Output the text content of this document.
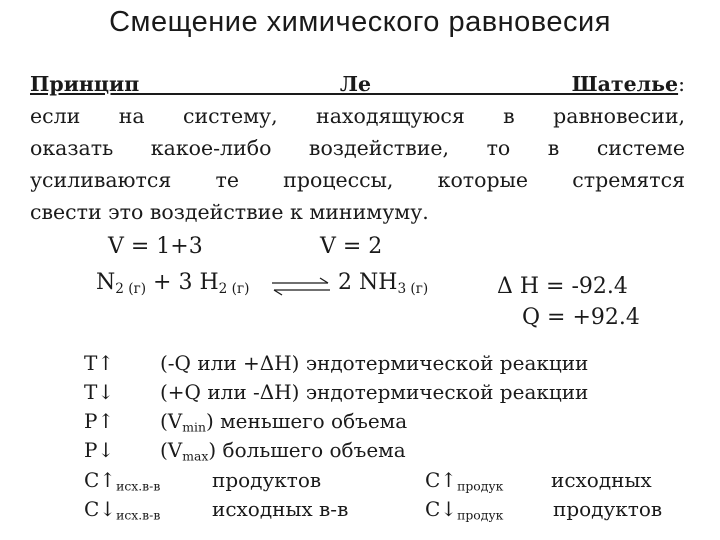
Смещение химического равновесия
Принцип Ле Шателье:
если на систему, находящуюся в равновесии,
оказать какое-либо воздействие, то в системе
усиливаются те процессы, которые стремятся
свести это воздействие к минимуму.
V = 1+3	V = 2
$N_{2 (г)} + 3$ $H_{2 (г)}$ ⇌ 2 $NH_{3 (г)}$	Δ H = -92.4
Q = +92.4
T↑ (-Q или +ΔH) эндотермической реакции
T↓ (+Q или -ΔH) эндотермической реакции
P↑ $(V_{min})$ меньшего объема
P↓ $(V_{max})$ большего объема
$C↑_{исх.в-в}$	продуктов	$C↑_{продук}$ исходных
$C↓_{исх.в-в}$	исходных в-в	$C↓_{продук}$ продуктов
